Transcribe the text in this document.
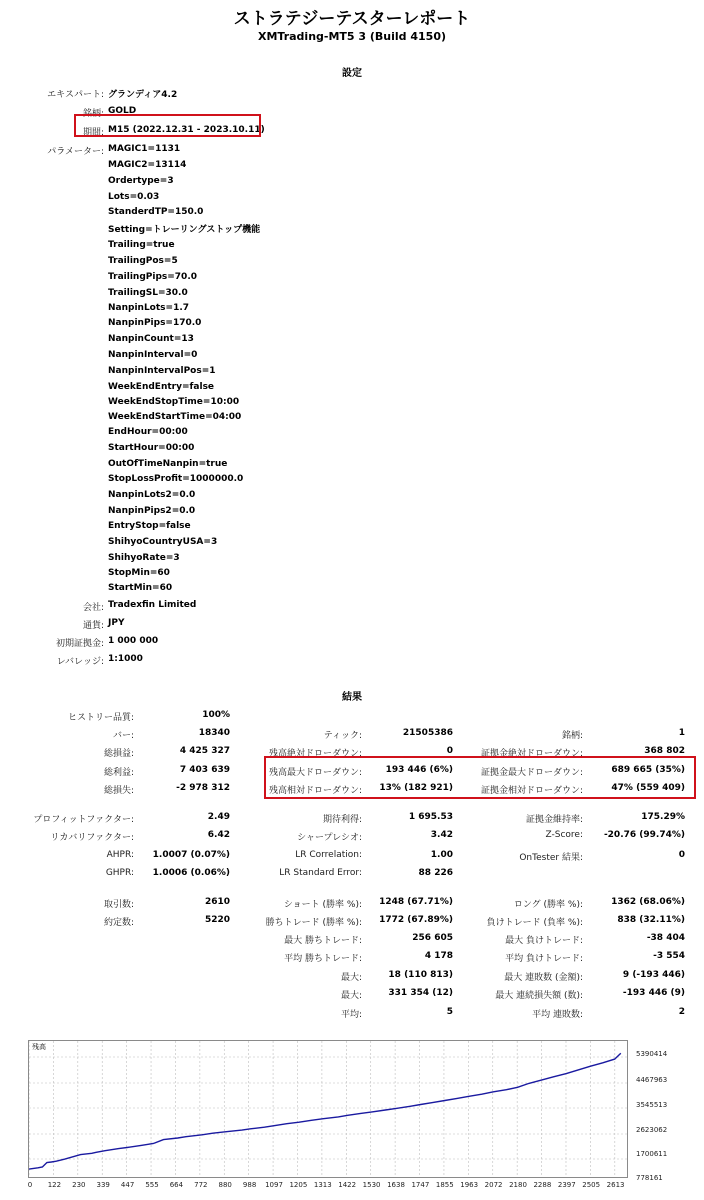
ストラテジーテスターレポート
XMTrading-MT5 3 (Build 4150)
設定
エキスパート: グランディア4.2
銘柄: GOLD
期間: M15 (2022.12.31 - 2023.10.11)
パラメーター: MAGIC1=1131
MAGIC2=13114
Ordertype=3
Lots=0.03
StanderdTP=150.0
Setting=トレーリングストップ機能
Trailing=true
TrailingPos=5
TrailingPips=70.0
TrailingSL=30.0
NanpinLots=1.7
NanpinPips=170.0
NanpinCount=13
NanpinInterval=0
NanpinIntervalPos=1
WeekEndEntry=false
WeekEndStopTime=10:00
WeekEndStartTime=04:00
EndHour=00:00
StartHour=00:00
OutOfTimeNanpin=true
StopLossProfit=1000000.0
NanpinLots2=0.0
NanpinPips2=0.0
EntryStop=false
ShihyoCountryUSA=3
ShihyoRate=3
StopMin=60
StartMin=60
会社: Tradexfin Limited
通貨: JPY
初期証拠金: 1 000 000
レバレッジ: 1:1000
結果
ヒストリー品質:	100%
バー:	18340	ティック:	21505386	銘柄:	1
総損益:	4 425 327	残高絶対ドローダウン:	0	証拠金絶対ドローダウン:	368 802
総利益:	7 403 639	残高最大ドローダウン:	193 446 (6%)	証拠金最大ドローダウン:	689 665 (35%)
総損失:	-2 978 312	残高相対ドローダウン: 13% (182 921)	証拠金相対ドローダウン:	47% (559 409)
プロフィットファクター:	2.49	期待利得:	1 695.53	証拠金維持率:	175.29%
リカバリファクター:	6.42	シャープレシオ:	3.42	Z-Score: -20.76 (99.74%)
AHPR: 1.0007 (0.07%)	LR Correlation:	1.00	OnTester 結果:	0
GHPR: 1.0006 (0.06%)	LR Standard Error:	88 226
取引数:	2610	ショート (勝率 %): 1248 (67.71%)	ロング (勝率 %):	1362 (68.06%)
約定数:	5220	勝ちトレード (勝率 %): 1772 (67.89%)	負けトレード (負率 %):	838 (32.11%)
最大 勝ちトレード:	256 605	最大 負けトレード:	-38 404
平均 勝ちトレード:	4 178	平均 負けトレード:	-3 554
最大:	18 (110 813)	最大 連敗数 (金額):	9 (-193 446)
最大:	331 354 (12)	最大 連続損失額 (数):	-193 446 (9)
平均:	5	平均 連敗数:	2
残高
5390414
4467963
3545513
2623062
1700611
778161
0 122 230 339 447 555 664 772 880 988 1097 1205 1313 1422 1530 1638 1747 1855 1963 2072 2180 2288 2397 2505 2613
